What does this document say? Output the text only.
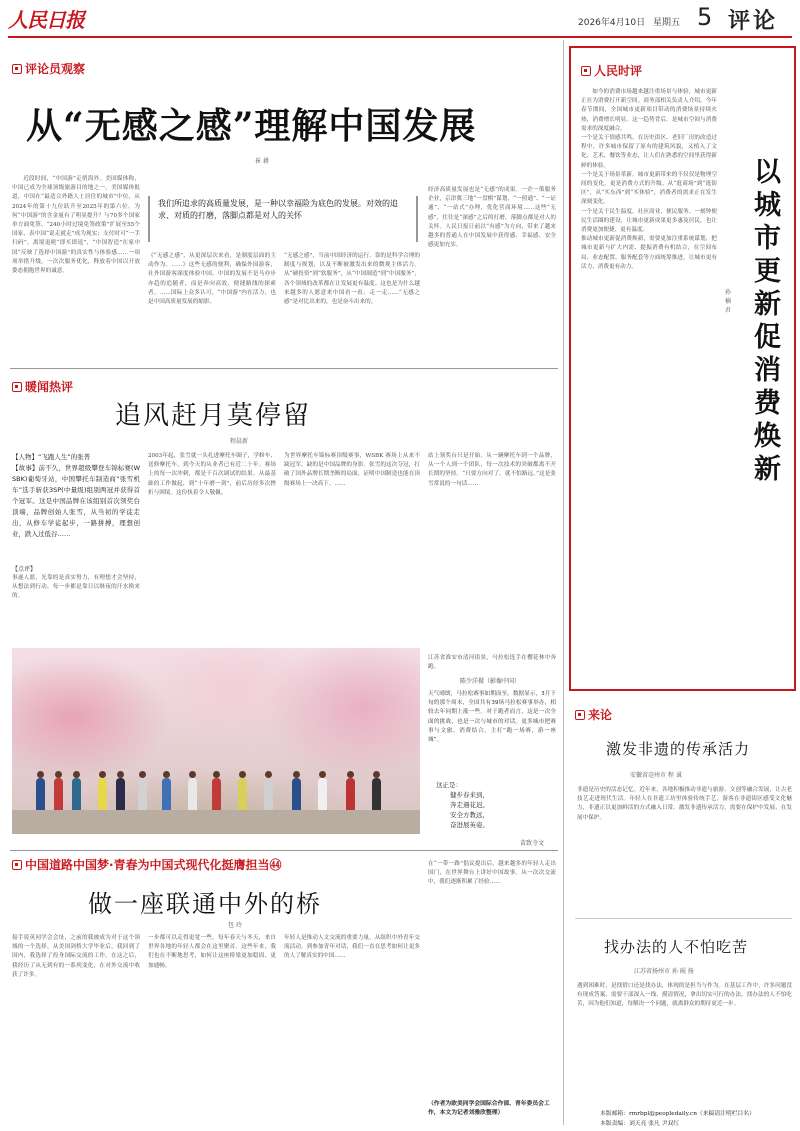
人民日报	2026年4月10日 星期五 5 评论
评论员观察
从“无感之感”理解中国发展
崔 耕
近段时间，“中国游”走俏海外。美国媒体称，中国已成为全球顶级旅游目的地之一。美国媒体报道，中国在“最适合外籍人士居住的城市”中位，从 2024年的第十九位跃升至2025年的第六位。为何“中国游”的含金量有了明显提升？与70多个国家单方面免签、“240小时过境免签政策”扩展至55个国家，表中国“说走就走”成为现实；支付时可“一手扫码”，离境退税“即买即退”，“中国智造”在家中国“反映了选择中国游”的真实性与体验感……一项项举措升级，一次次服务优化，释放着中国以开放姿态拥抱世界的诚意。
我们所追求的高质量发展，是一种以幸福险为底色的发展。对效的追求、对质的打磨，落脚点都是对人的关怀
《“无感之感”，从更深层次来看，是制度层面的主动作为。……》这些无感的便利，确保外国游客，社外国游客深度体验中国，中国的发展不是马亦步亦趋的追随者，而是奔向高效、便捷路线的探索者。……国际上众多认可，“中国游”内在活力，也是中国高质量发展的缩影。
“无感之感”，当前中国经济的运行，靠的是科学合理的制度与规划，以及不断被激发出来的微观主体活力。从“硬投资”到“软服务”，从“中国制造”到“中国服务”，各个领域的改革都在让发展更有温度。这也是为什么越来越多的人愿意来中国看一看、走一走……“无感之感”是对比出来的，也是奋斗出来的。
经济高质量发展也是“无感”的成果。一企一策服务企业，京津冀三地“一盘棋”谋划，“一照通”、“一证通”、“一站式”办理，优化营商环境……这些“无感”，往往是“深感”之后的打磨，落脚点都是对人的关怀。人民日报日前以“有感”为方向，带来了越来越多的普通人在中国发展中获得感、幸福感、安全感更加充实。
暖闻热评
追风赶月莫停留
程晨新
【人物】“飞跑人生”的张普
【故事】前不久，世界超级攀登车锦标赛(WSBK)葡萄牙站，中国攀托车制造商“张雪机车”选手斩获3SP(中量级)组别两冠并获得首个冠军。这是中国品牌在该组别首次领奖台顶端，品牌创始人张雪，从当初的学徒走出，从修车学徒起步，一路拼搏，理想创业，跌入过低谷……
【点评】
事遂人愿，光靠的是真实努力，有理想才会坚持，从想法到行动，每一步都是靠日以继夜的汗水换来的。
2003年起，张雪就一头扎进摩托车圈子，学修车、送修摩托车，到今天的从业者已有近二十年。赛场上的每一次冲刺，都是千百次调试的结果。从最基础的工作做起，到“十年磨一剑”，前后历经多次挫折与困境。这份执着令人敬佩。
为世界摩托车锦标赛顶级赛事，WSBK 赛场上从来不缺冠军，缺的是中国品牌的身影。张雪的这次夺冠，打破了国外品牌长期垄断的局面，证明中国制造也能在顶级赛场上一决高下。……
站上领奖台只是开始。从一辆摩托车到一个品牌，从一个人到一个团队，每一次技术的突破都离不开长期的坚持。“只要方向对了，就不怕路远。”这是张雪常说的一句话……
江苏省淮安市清河街景，马拉松选手在樱花林中奔跑。
陈少洋摄（影像中国）
天气晴朗，马拉松赛事如期而至。数据显示，3月下旬的那个周末，全国共有39场马拉松赛事举办，相较去年同期上涨一些。对于跑者而言，这是一次全面的挑战，也是一次与城市的对话。更多城市把赛事与文旅、消费结合，主打“跑一场赛，游一座城”。
这正是：
健步春来到，
奔走遇花迟。
安全方教远，
奋进展英姿。
苗致寺文
中国道路中国梦·青春为中国式现代化挺膺担当㊹
做一座联通中外的桥
包 玲
接手说英同学会会址，之前的我被成为对于这个领域的一个选择，从美国剑桥大学毕业后，我回到了国内，我选择了投身国际交流的工作。在这之后，我经历了从无到有的一系列变化，在对外交流中收获了许多。
一步都可以走得更宽一些。每年春天与冬天，来自世界各地的年轻人都会在这里聚首。这些年来，我们也在不断地思考，如何让这座桥梁更加稳固、更加通畅。
年轻人是推动人文交流的重要力量。从组织中外青年交流活动，到参加青年对话，我们一直在思考如何让更多的人了解真实的中国……
在“一带一路”倡议提出后，越来越多的年轻人走出国门，在世界舞台上讲好中国故事。从一次次交流中，我们逐渐积累了经验……
（作者为欧美同学会国际合作部、青年委员会工作，本文为记者刘雅欣整理）
人民时评
以城市更新促消费焕新
孙 楠 君
如今的消费市场越来越注重场景与体验，城市更新正在为消费打开新空间。商务部相关负责人介绍，今年春节期间，全国城市更新项目带动的消费场景持续火热，消费增长明显。这一趋势背后，是城市空间与消费需求的深度融合。
一个是关于情感共鸣。在历史街区、老旧厂房的改造过程中，许多城市保留了原有的建筑风貌，又植入了文化、艺术、餐饮等业态，让人们在熟悉的空间里获得新鲜的体验。
一个是关于场景革新。城市更新带来的不仅仅是物理空间的变化，更是消费方式的升级。从“逛商场”到“逛街区”，从“买东西”到“买体验”，消费者的需求正在发生深刻变化。
一个是关于民生温度。社区商业、便民服务、一刻钟便民生活圈的建设，让城市更新成果更多惠及居民，也让消费更加便捷、更有温度。
推动城市更新促消费焕新，需要更加注重系统谋划，把城市更新与扩大内需、提振消费有机结合，在空间布局、业态配置、服务配套等方面统筹推进，让城市更有活力、消费更有动力。
来论
激发非遗的传承活力
安徽省亳州市 程 诚
非遗是历史的活态记忆。近年来，各地积极推动非遗与旅游、文创等融合发展，让古老技艺走进现代生活。年轻人在非遗工坊里体验传统手艺，游客在非遗街区感受文化魅力，非遗正以更加鲜活的方式融入日常。激发非遗传承活力，需要在保护中发展、在发展中保护。
找办法的人不怕吃苦
江苏省扬州市 孙 砚 扬
遇到困难时，是找借口还是找办法，体现的是担当与作为。在基层工作中，许多问题没有现成答案，需要干部深入一线、摸清情况，拿出切实可行的办法。找办法的人不怕吃苦，因为他们知道，每解决一个问题，就离群众的期待更近一步。
本版邮箱：rmrbpl@peopledaily.cn（来稿请注明栏目名）
本版责编：刘天亮 张凡 尹双红
